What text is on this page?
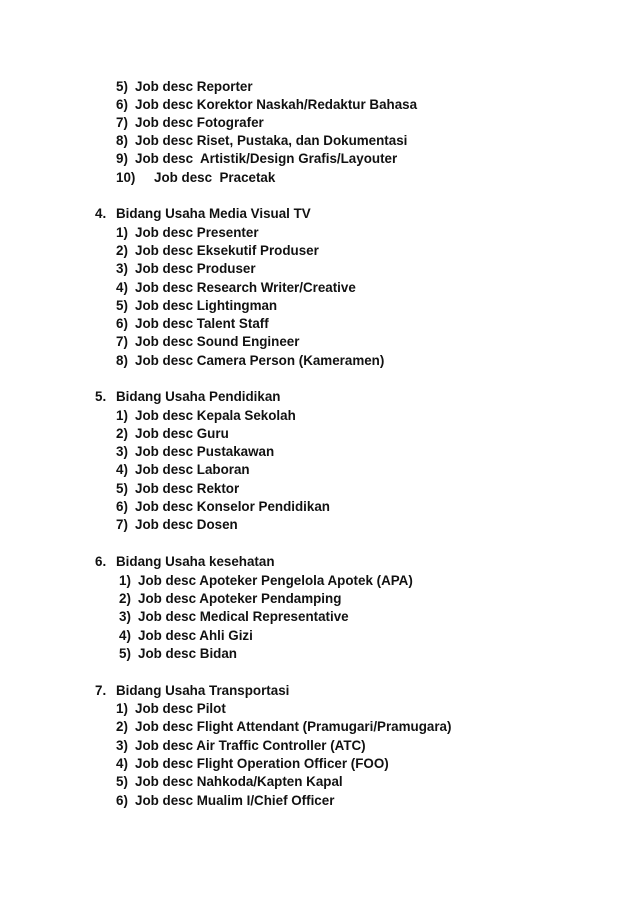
5) Job desc Reporter
6) Job desc Korektor Naskah/Redaktur Bahasa
7) Job desc Fotografer
8) Job desc Riset, Pustaka, dan Dokumentasi
9) Job desc  Artistik/Design Grafis/Layouter
10) Job desc  Pracetak
4. Bidang Usaha Media Visual TV
1) Job desc Presenter
2) Job desc Eksekutif Produser
3) Job desc Produser
4) Job desc Research Writer/Creative
5) Job desc Lightingman
6) Job desc Talent Staff
7) Job desc Sound Engineer
8) Job desc Camera Person (Kameramen)
5. Bidang Usaha Pendidikan
1) Job desc Kepala Sekolah
2) Job desc Guru
3) Job desc Pustakawan
4) Job desc Laboran
5) Job desc Rektor
6) Job desc Konselor Pendidikan
7) Job desc Dosen
6. Bidang Usaha kesehatan
1) Job desc Apoteker Pengelola Apotek (APA)
2) Job desc Apoteker Pendamping
3) Job desc Medical Representative
4) Job desc Ahli Gizi
5) Job desc Bidan
7. Bidang Usaha Transportasi
1) Job desc Pilot
2) Job desc Flight Attendant (Pramugari/Pramugara)
3) Job desc Air Traffic Controller (ATC)
4) Job desc Flight Operation Officer (FOO)
5) Job desc Nahkoda/Kapten Kapal
6) Job desc Mualim I/Chief Officer
